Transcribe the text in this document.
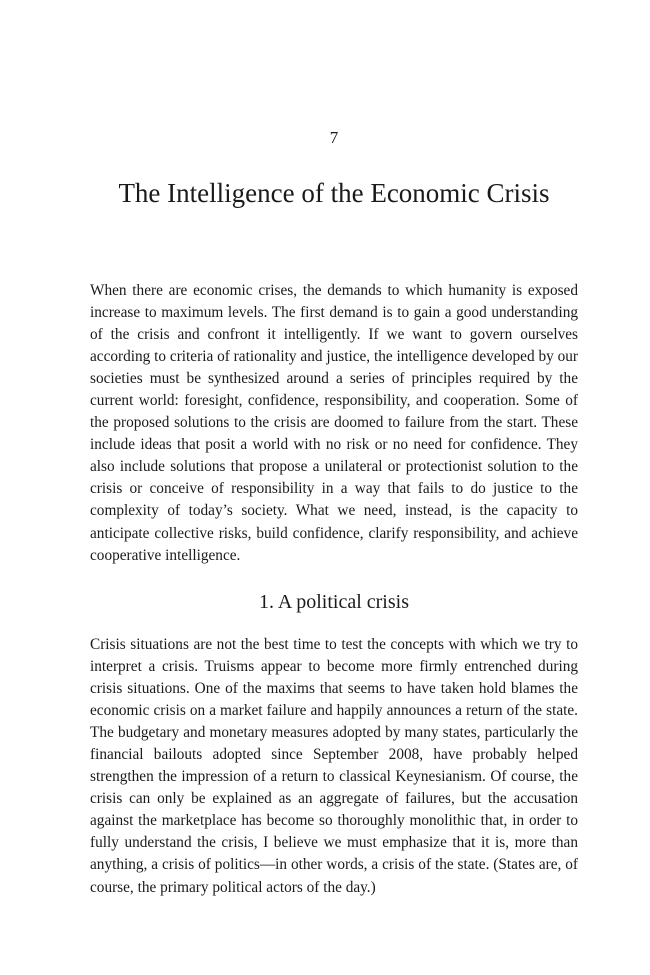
7
The Intelligence of the Economic Crisis

When there are economic crises, the demands to which humanity is exposed increase to maximum levels. The first demand is to gain a good understanding of the crisis and confront it intelligently. If we want to govern ourselves according to criteria of rationality and justice, the intelligence developed by our societies must be synthesized around a series of principles required by the current world: foresight, confidence, responsibility, and cooperation. Some of the proposed solutions to the crisis are doomed to failure from the start. These include ideas that posit a world with no risk or no need for confidence. They also include solutions that propose a unilateral or protectionist solution to the crisis or conceive of responsibility in a way that fails to do justice to the complexity of today’s society. What we need, instead, is the capacity to anticipate collective risks, build confidence, clarify responsibility, and achieve cooperative intelligence.

1. A political crisis

Crisis situations are not the best time to test the concepts with which we try to interpret a crisis. Truisms appear to become more firmly entrenched during crisis situations. One of the maxims that seems to have taken hold blames the economic crisis on a market failure and happily announces a return of the state. The budgetary and monetary measures adopted by many states, particularly the financial bailouts adopted since September 2008, have probably helped strengthen the impression of a return to classical Keynesianism. Of course, the crisis can only be explained as an aggregate of failures, but the accusation against the marketplace has become so thoroughly monolithic that, in order to fully understand the crisis, I believe we must emphasize that it is, more than anything, a crisis of politics—in other words, a crisis of the state. (States are, of course, the primary political actors of the day.)
